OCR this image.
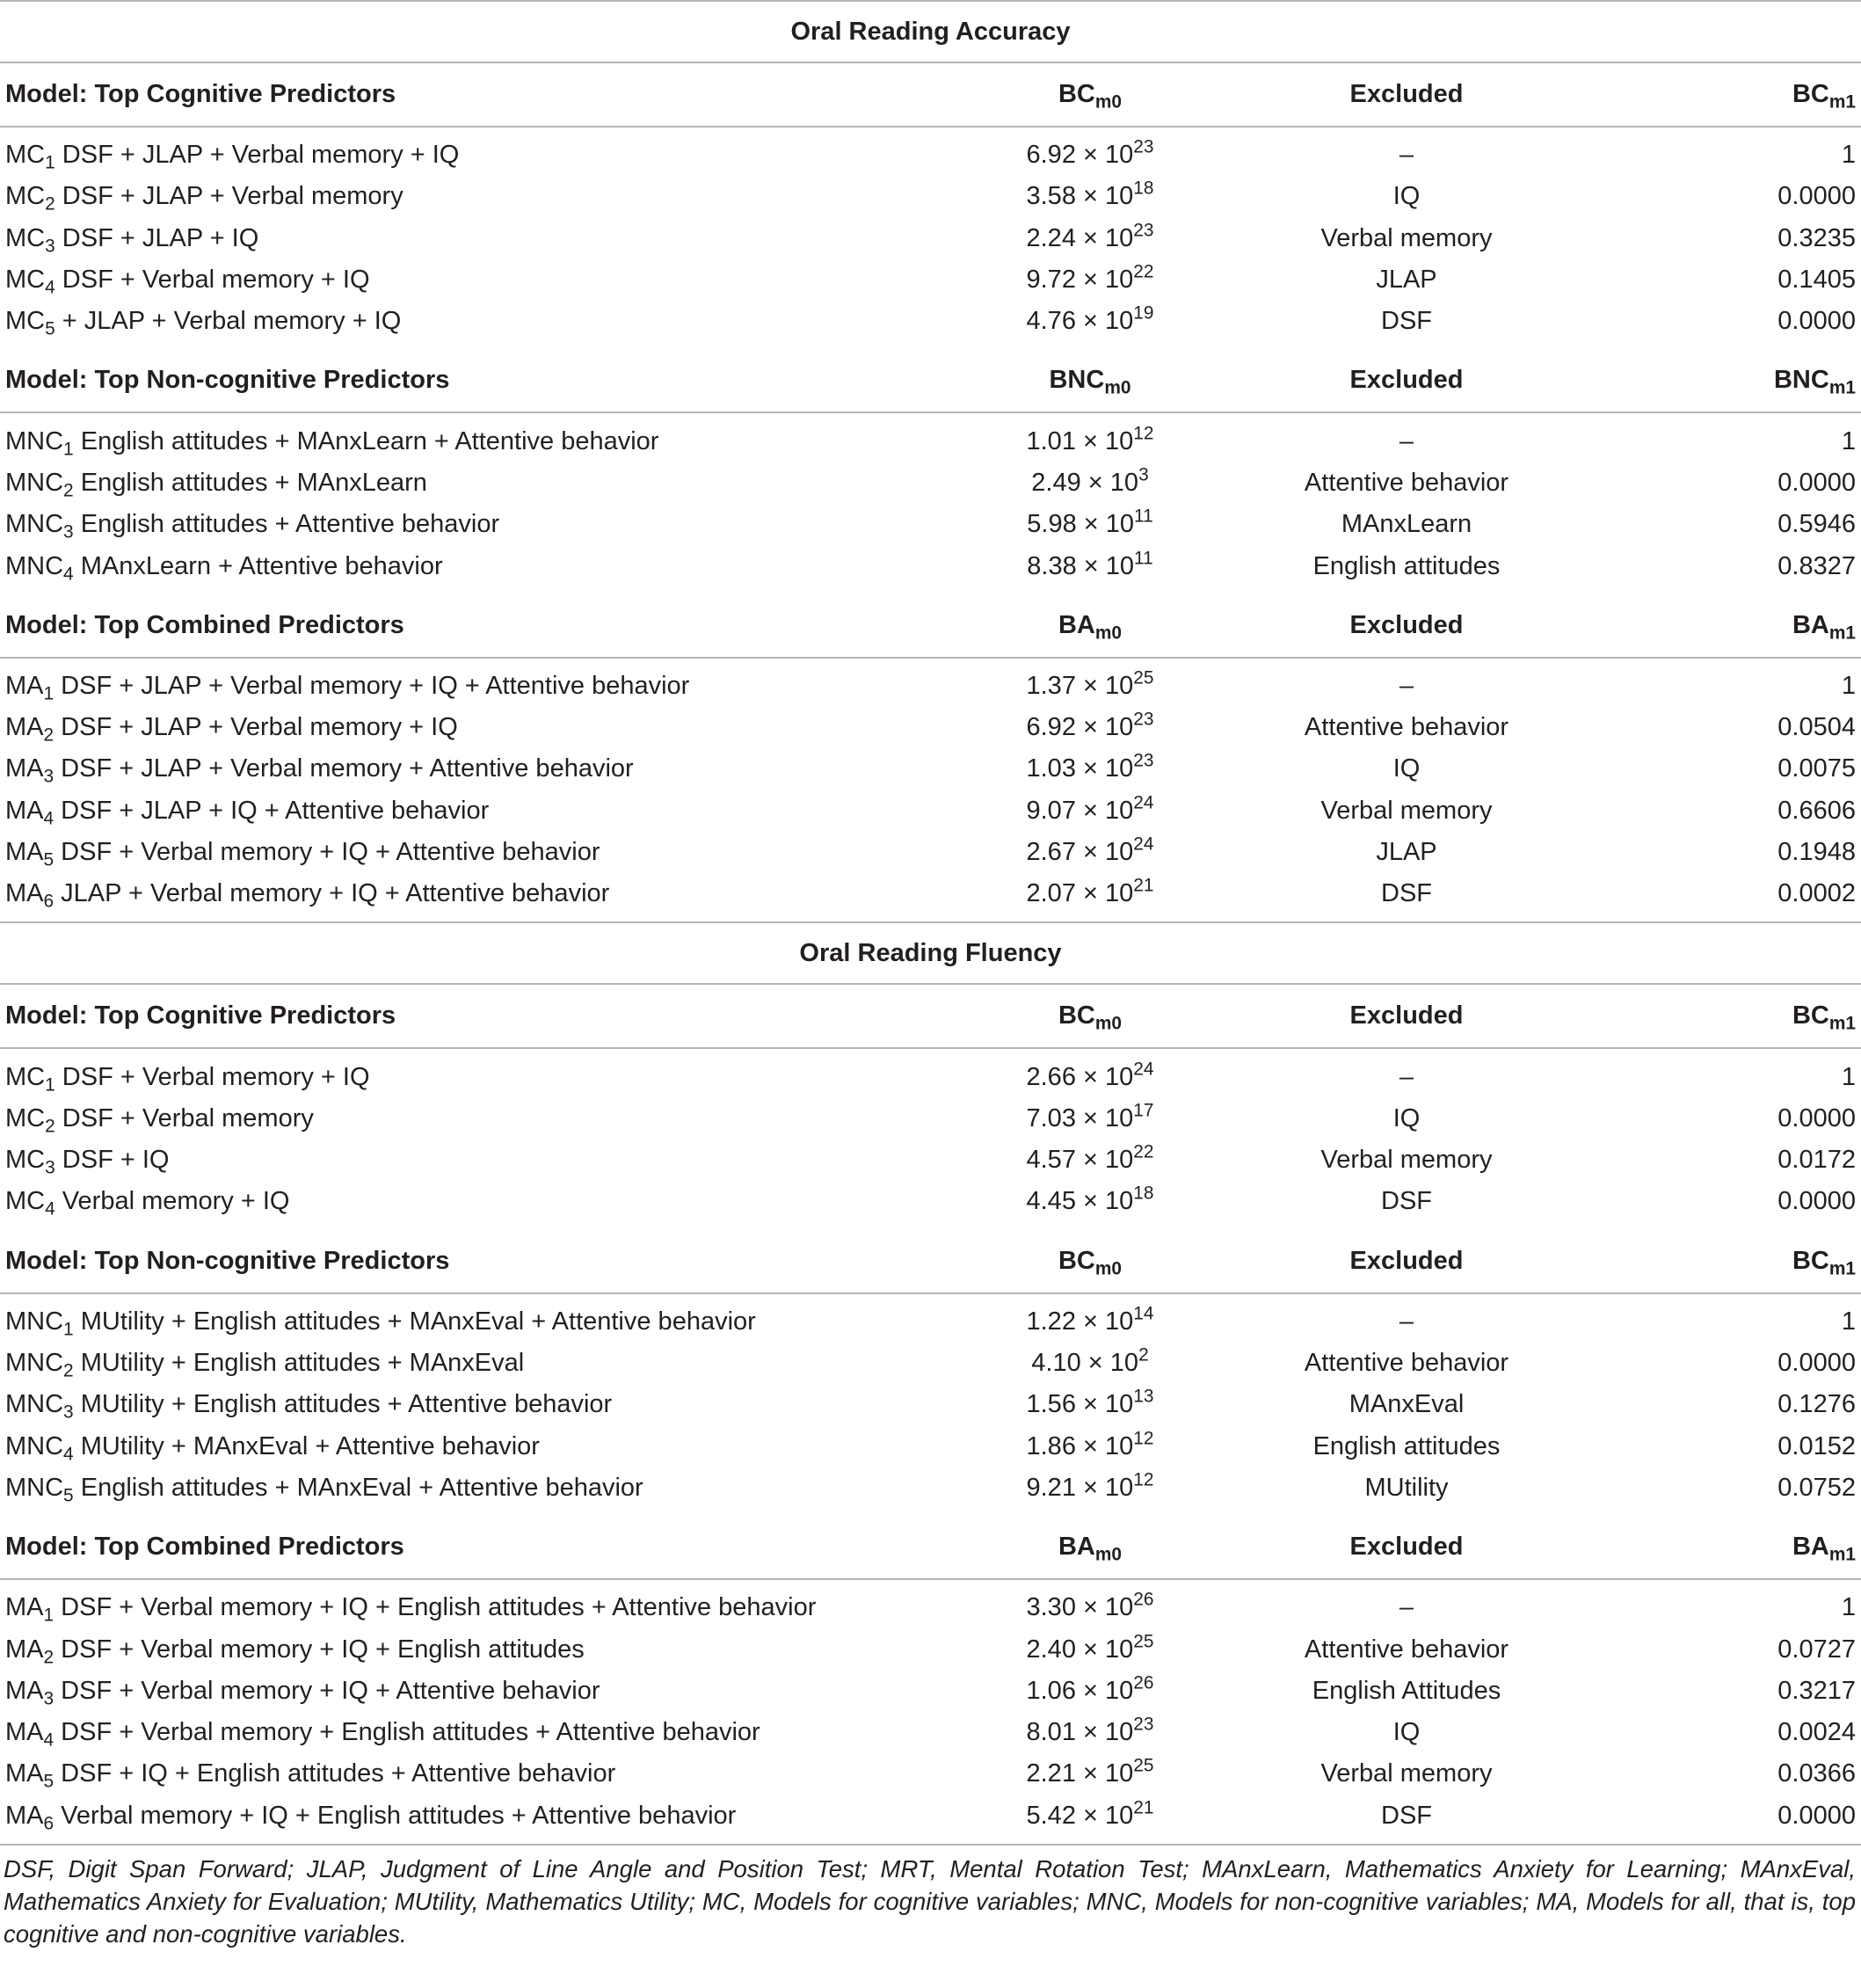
Oral Reading Accuracy			
Model: Top Cognitive Predictors	$BC_{m0}$	Excluded	$BC_{m1}$
$MC_1$ DSF + JLAP + Verbal memory + IQ	$6.92 \times 10^{23}$	–	1
$MC_2$ DSF + JLAP + Verbal memory	$3.58 \times 10^{18}$	IQ	0.0000
$MC_3$ DSF + JLAP + IQ	$2.24 \times 10^{23}$	Verbal memory	0.3235
$MC_4$ DSF + Verbal memory + IQ	$9.72 \times 10^{22}$	JLAP	0.1405
$MC_5$ + JLAP + Verbal memory + IQ	$4.76 \times 10^{19}$	DSF	0.0000
Model: Top Non-cognitive Predictors	$BNC_{m0}$	Excluded	$BNC_{m1}$
$MNC_1$ English attitudes + MAnxLearn + Attentive behavior	$1.01 \times 10^{12}$	–	1
$MNC_2$ English attitudes + MAnxLearn	$2.49 \times 10^3$	Attentive behavior	0.0000
$MNC_3$ English attitudes + Attentive behavior	$5.98 \times 10^{11}$	MAnxLearn	0.5946
$MNC_4$ MAnxLearn + Attentive behavior	$8.38 \times 10^{11}$	English attitudes	0.8327
Model: Top Combined Predictors	$BA_{m0}$	Excluded	$BA_{m1}$
$MA_1$ DSF + JLAP + Verbal memory + IQ + Attentive behavior	$1.37 \times 10^{25}$	–	1
$MA_2$ DSF + JLAP + Verbal memory + IQ	$6.92 \times 10^{23}$	Attentive behavior	0.0504
$MA_3$ DSF + JLAP + Verbal memory + Attentive behavior	$1.03 \times 10^{23}$	IQ	0.0075
$MA_4$ DSF + JLAP + IQ + Attentive behavior	$9.07 \times 10^{24}$	Verbal memory	0.6606
$MA_5$ DSF + Verbal memory + IQ + Attentive behavior	$2.67 \times 10^{24}$	JLAP	0.1948
$MA_6$ JLAP + Verbal memory + IQ + Attentive behavior	$2.07 \times 10^{21}$	DSF	0.0002
Oral Reading Fluency			
Model: Top Cognitive Predictors	$BC_{m0}$	Excluded	$BC_{m1}$
$MC_1$ DSF + Verbal memory + IQ	$2.66 \times 10^{24}$	–	1
$MC_2$ DSF + Verbal memory	$7.03 \times 10^{17}$	IQ	0.0000
$MC_3$ DSF + IQ	$4.57 \times 10^{22}$	Verbal memory	0.0172
$MC_4$ Verbal memory + IQ	$4.45 \times 10^{18}$	DSF	0.0000
Model: Top Non-cognitive Predictors	$BC_{m0}$	Excluded	$BC_{m1}$
$MNC_1$ MUtility + English attitudes + MAnxEval + Attentive behavior	$1.22 \times 10^{14}$	–	1
$MNC_2$ MUtility + English attitudes + MAnxEval	$4.10 \times 10^2$	Attentive behavior	0.0000
$MNC_3$ MUtility + English attitudes + Attentive behavior	$1.56 \times 10^{13}$	MAnxEval	0.1276
$MNC_4$ MUtility + MAnxEval + Attentive behavior	$1.86 \times 10^{12}$	English attitudes	0.0152
$MNC_5$ English attitudes + MAnxEval + Attentive behavior	$9.21 \times 10^{12}$	MUtility	0.0752
Model: Top Combined Predictors	$BA_{m0}$	Excluded	$BA_{m1}$
$MA_1$ DSF + Verbal memory + IQ + English attitudes + Attentive behavior	$3.30 \times 10^{26}$	–	1
$MA_2$ DSF + Verbal memory + IQ + English attitudes	$2.40 \times 10^{25}$	Attentive behavior	0.0727
$MA_3$ DSF + Verbal memory + IQ + Attentive behavior	$1.06 \times 10^{26}$	English Attitudes	0.3217
$MA_4$ DSF + Verbal memory + English attitudes + Attentive behavior	$8.01 \times 10^{23}$	IQ	0.0024
$MA_5$ DSF + IQ + English attitudes + Attentive behavior	$2.21 \times 10^{25}$	Verbal memory	0.0366
$MA_6$ Verbal memory + IQ + English attitudes + Attentive behavior	$5.42 \times 10^{21}$	DSF	0.0000
DSF, Digit Span Forward; JLAP, Judgment of Line Angle and Position Test; MRT, Mental Rotation Test; MAnxLearn, Mathematics Anxiety for Learning; MAnxEval, Mathematics Anxiety for Evaluation; MUtility, Mathematics Utility; MC, Models for cognitive variables; MNC, Models for non-cognitive variables; MA, Models for all, that is, top cognitive and non-cognitive variables.
